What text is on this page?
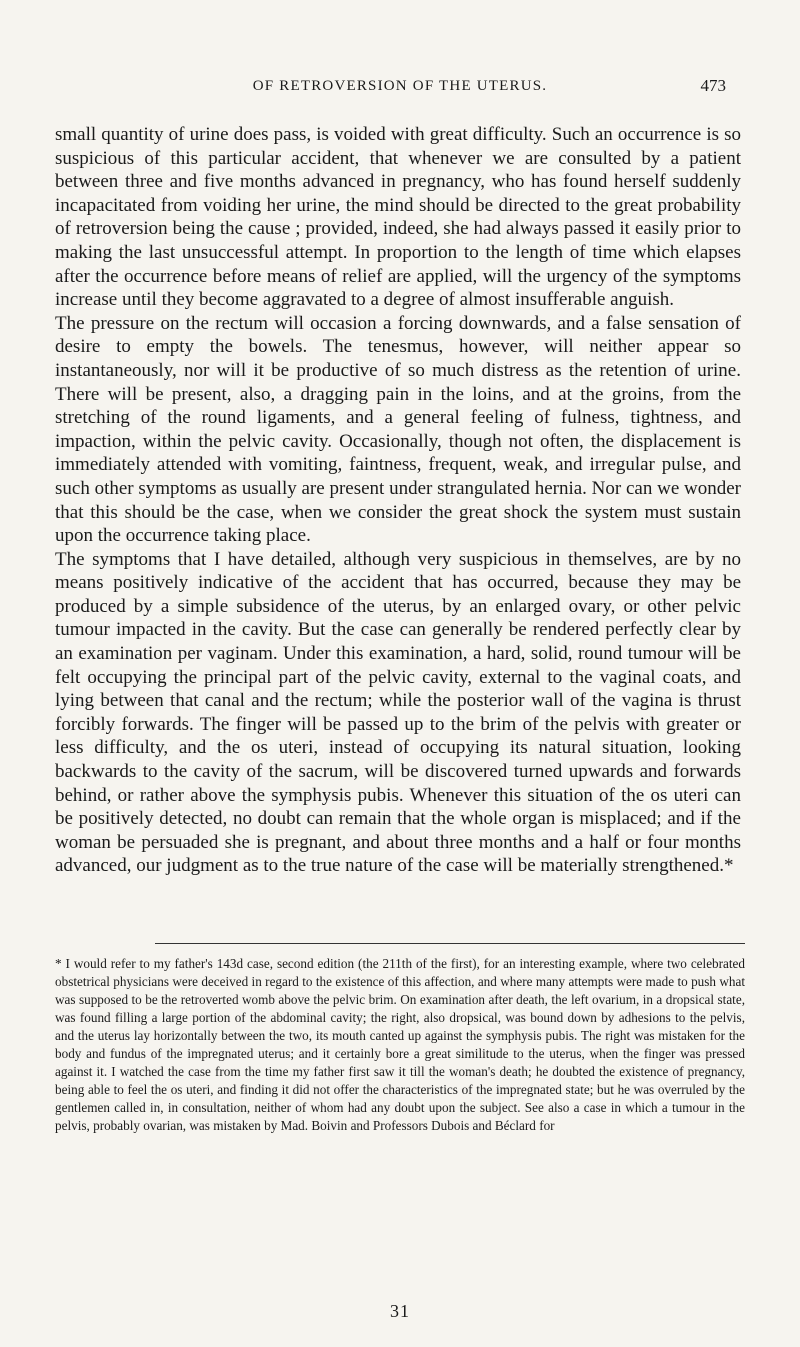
OF RETROVERSION OF THE UTERUS.	473

small quantity of urine does pass, is voided with great difficulty. Such an occurrence is so suspicious of this particular accident, that whenever we are consulted by a patient between three and five months advanced in pregnancy, who has found herself suddenly incapacitated from voiding her urine, the mind should be directed to the great probability of retroversion being the cause ; provided, indeed, she had always passed it easily prior to making the last unsuccessful attempt. In proportion to the length of time which elapses after the occurrence before means of relief are applied, will the urgency of the symptoms increase until they become aggravated to a degree of almost insufferable anguish.

The pressure on the rectum will occasion a forcing downwards, and a false sensation of desire to empty the bowels. The tenesmus, however, will neither appear so instantaneously, nor will it be productive of so much distress as the retention of urine. There will be present, also, a dragging pain in the loins, and at the groins, from the stretching of the round ligaments, and a general feeling of fulness, tightness, and impaction, within the pelvic cavity. Occasionally, though not often, the displacement is immediately attended with vomiting, faintness, frequent, weak, and irregular pulse, and such other symptoms as usually are present under strangulated hernia. Nor can we wonder that this should be the case, when we consider the great shock the system must sustain upon the occurrence taking place.

The symptoms that I have detailed, although very suspicious in themselves, are by no means positively indicative of the accident that has occurred, because they may be produced by a simple subsidence of the uterus, by an enlarged ovary, or other pelvic tumour impacted in the cavity. But the case can generally be rendered perfectly clear by an examination per vaginam. Under this examination, a hard, solid, round tumour will be felt occupying the principal part of the pelvic cavity, external to the vaginal coats, and lying between that canal and the rectum; while the posterior wall of the vagina is thrust forcibly forwards. The finger will be passed up to the brim of the pelvis with greater or less difficulty, and the os uteri, instead of occupying its natural situation, looking backwards to the cavity of the sacrum, will be discovered turned upwards and forwards behind, or rather above the symphysis pubis. Whenever this situation of the os uteri can be positively detected, no doubt can remain that the whole organ is misplaced; and if the woman be persuaded she is pregnant, and about three months and a half or four months advanced, our judgment as to the true nature of the case will be materially strengthened.*

* I would refer to my father's 143d case, second edition (the 211th of the first), for an interesting example, where two celebrated obstetrical physicians were deceived in regard to the existence of this affection, and where many attempts were made to push what was supposed to be the retroverted womb above the pelvic brim. On examination after death, the left ovarium, in a dropsical state, was found filling a large portion of the abdominal cavity; the right, also dropsical, was bound down by adhesions to the pelvis, and the uterus lay horizontally between the two, its mouth canted up against the symphysis pubis. The right was mistaken for the body and fundus of the impregnated uterus; and it certainly bore a great similitude to the uterus, when the finger was pressed against it. I watched the case from the time my father first saw it till the woman's death; he doubted the existence of pregnancy, being able to feel the os uteri, and finding it did not offer the characteristics of the impregnated state; but he was overruled by the gentlemen called in, in consultation, neither of whom had any doubt upon the subject. See also a case in which a tumour in the pelvis, probably ovarian, was mistaken by Mad. Boivin and Professors Dubois and Béclard for
31
